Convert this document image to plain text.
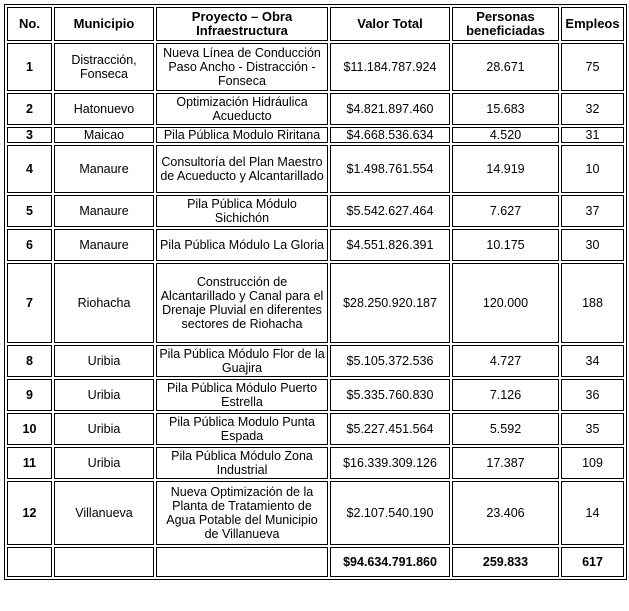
No.	Municipio	Proyecto – Obra Infraestructura	Valor Total	Personas beneficiadas	Empleos
1	Distracción, Fonseca	Nueva Línea de Conducción Paso Ancho - Distracción - Fonseca	$11.184.787.924	28.671	75
2	Hatonuevo	Optimización Hidráulica Acueducto	$4.821.897.460	15.683	32
3	Maicao	Pila Pública Modulo Riritana	$4.668.536.634	4.520	31
4	Manaure	Consultoría del Plan Maestro de Acueducto y Alcantarillado	$1.498.761.554	14.919	10
5	Manaure	Pila Pública Módulo Sichichón	$5.542.627.464	7.627	37
6	Manaure	Pila Pública Módulo La Gloria	$4.551.826.391	10.175	30
7	Riohacha	Construcción de Alcantarillado y Canal para el Drenaje Pluvial en diferentes sectores de Riohacha	$28.250.920.187	120.000	188
8	Uribia	Pila Pública Módulo Flor de la Guajira	$5.105.372.536	4.727	34
9	Uribia	Pila Pública Módulo Puerto Estrella	$5.335.760.830	7.126	36
10	Uribia	Pila Pública Modulo Punta Espada	$5.227.451.564	5.592	35
11	Uribia	Pila Pública Módulo Zona Industrial	$16.339.309.126	17.387	109
12	Villanueva	Nueva Optimización de la Planta de Tratamiento de Agua Potable del Municipio de Villanueva	$2.107.540.190	23.406	14
			$94.634.791.860	259.833	617
